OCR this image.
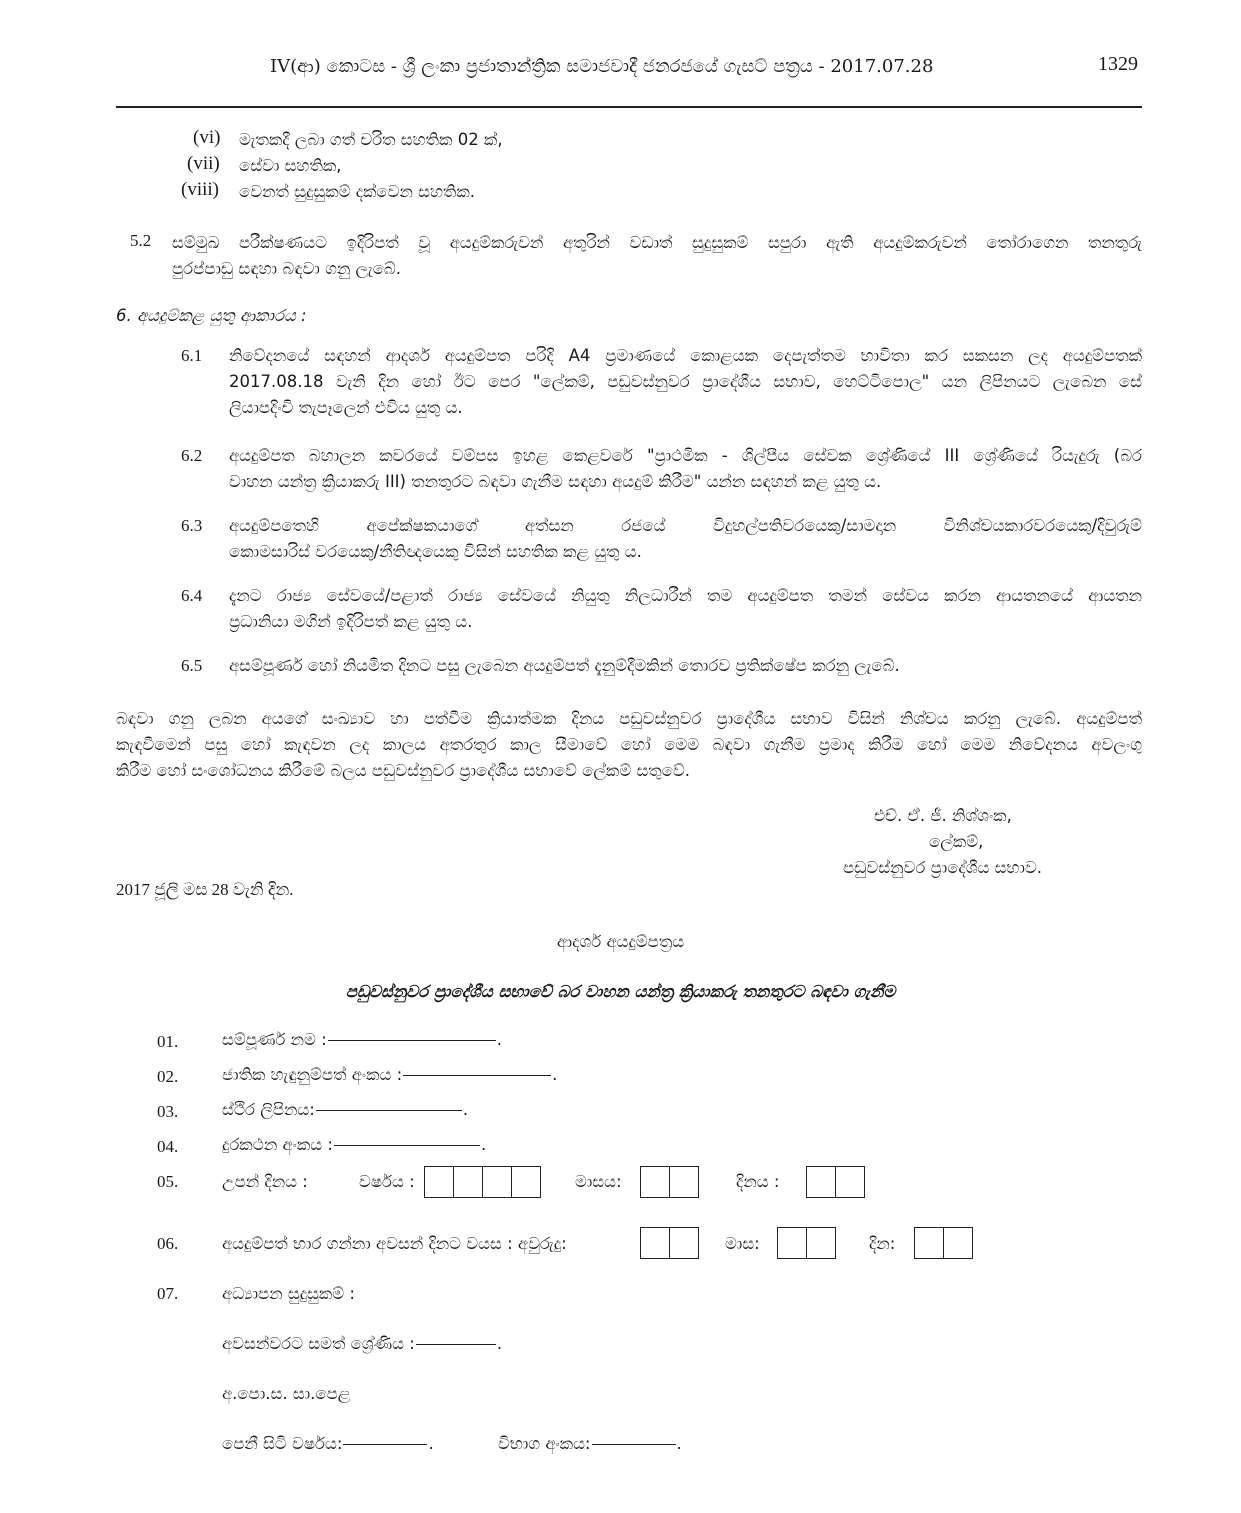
IV(ආ) කොටස - ශ්‍රී ලංකා ප්‍රජාතාන්ත්‍රික සමාජවාදී ජනරජයේ ගැසට් පත්‍රය - 2017.07.28	1329
(vi) මැතකදී ලබා ගත් චරිත සහතික 02 ක්,
(vii) සේවා සහතික,
(viii) වෙනත් සුදුසුකම් දක්වෙන සහතික.
5.2 සම්මුඛ පරීක්ෂණයට ඉදිරිපත් වූ අයදුම්කරුවන් අතුරින් වඩාත් සුදුසුකම් සපුරා ඇති අයදුම්කරුවන් තෝරාගෙන තනතුරු
පුරප්පාඩු සඳහා බඳවා ගනු ලැබේ.
6. අයදුම්කළ යුතු ආකාරය :
6.1 නිවේදනයේ සඳහන් ආදර්ශ අයදුම්පත පරිදි A4 ප්‍රමාණයේ කොළයක දෙපැත්තම භාවිතා කර සකසන ලද අයදුම්පතක්
2017.08.18 වැනි දින හෝ ඊට පෙර "ලේකම්, පඩුවස්නුවර ප්‍රාදේශීය සභාව, හෙට්ටිපොල" යන ලිපිනයට ලැබෙන සේ
ලියාපදිංචි තැපෑලෙන් එවිය යුතු ය.
6.2 අයදුම්පත බහාලන කවරයේ වම්පස ඉහළ කෙළවරේ "ප්‍රාථමික - ශිල්පීය සේවක ශ්‍රේණියේ III ශ්‍රේණියේ රියැදුරු (බර
වාහන යන්ත්‍ර ක්‍රියාකරු III) තනතුරට බඳවා ගැනීම සඳහා අයදුම් කිරීම" යන්න සඳහන් කළ යුතු ය.
6.3 අයදුම්පතෙහි අපේක්ෂකයාගේ අත්සන රජයේ විදුහල්පතිවරයෙකු/සාමදාන විනිශ්චයකාරවරයෙකු/දිවුරුම්
කොමසාරිස් වරයෙකු/නීතිඥයෙකු විසින් සහතික කළ යුතු ය.
6.4 දැනට රාජ්‍ය සේවයේ/පළාත් රාජ්‍ය සේවයේ නියුතු නිලධාරීන් තම අයදුම්පත තමන් සේවය කරන ආයතනයේ ආයතන
ප්‍රධානියා මගින් ඉදිරිපත් කළ යුතු ය.
6.5 අසම්පූර්ණ හෝ නියමිත දිනට පසු ලැබෙන අයදුම්පත් දැනුම්දීමකින් තොරව ප්‍රතික්ෂේප කරනු ලැබේ.
බඳවා ගනු ලබන අයගේ සංඛ්‍යාව හා පත්වීම ක්‍රියාත්මක දිනය පඩුවස්නුවර ප්‍රාදේශීය සභාව විසින් නිශ්චය කරනු ලැබේ. අයදුම්පත්
කැඳවීමෙන් පසු හෝ කැඳවන ලද කාලය අතරතුර කාල සීමාවේ හෝ මෙම බඳවා ගැනීම ප්‍රමාද කිරීම හෝ මෙම නිවේදනය අවලංගු
කිරීම හෝ සංශෝධනය කිරීමේ බලය පඩුවස්නුවර ප්‍රාදේශීය සභාවේ ලේකම් සතුවේ.
එච්. ඒ. ජී. නිශ්ශංක,
ලේකම්,
පඩුවස්නුවර ප්‍රාදේශීය සභාව.
2017 ජූලි මස 28 වැනි දින.
ආදර්ශ අයදුම්පත්‍රය
පඩුවස්නුවර ප්‍රාදේශීය සභාවේ බර වාහන යන්ත්‍ර ක්‍රියාකරු තනතුරට බඳවා ගැනීම
01.	සම්පූර්ණ නම :	.
02.	ජාතික හැඳුනුම්පත් අංකය :	.
03.	ස්ථිර ලිපිනය:	.
04.	දුරකථන අංකය :	.
05.	උපන් දිනය :	වර්ෂය :	මාසය:	දිනය :
06.	අයදුම්පත් භාර ගන්නා අවසන් දිනට වයස : අවුරුදු:	මාස:	දින:
07.	අධ්‍යාපන සුදුසුකම් :
අවසන්වරට සමත් ශ්‍රේණිය :	.
අ.පො.ස. සා.පෙළ
පෙනී සිටි වර්ෂය:	.	විභාග අංකය:	.
